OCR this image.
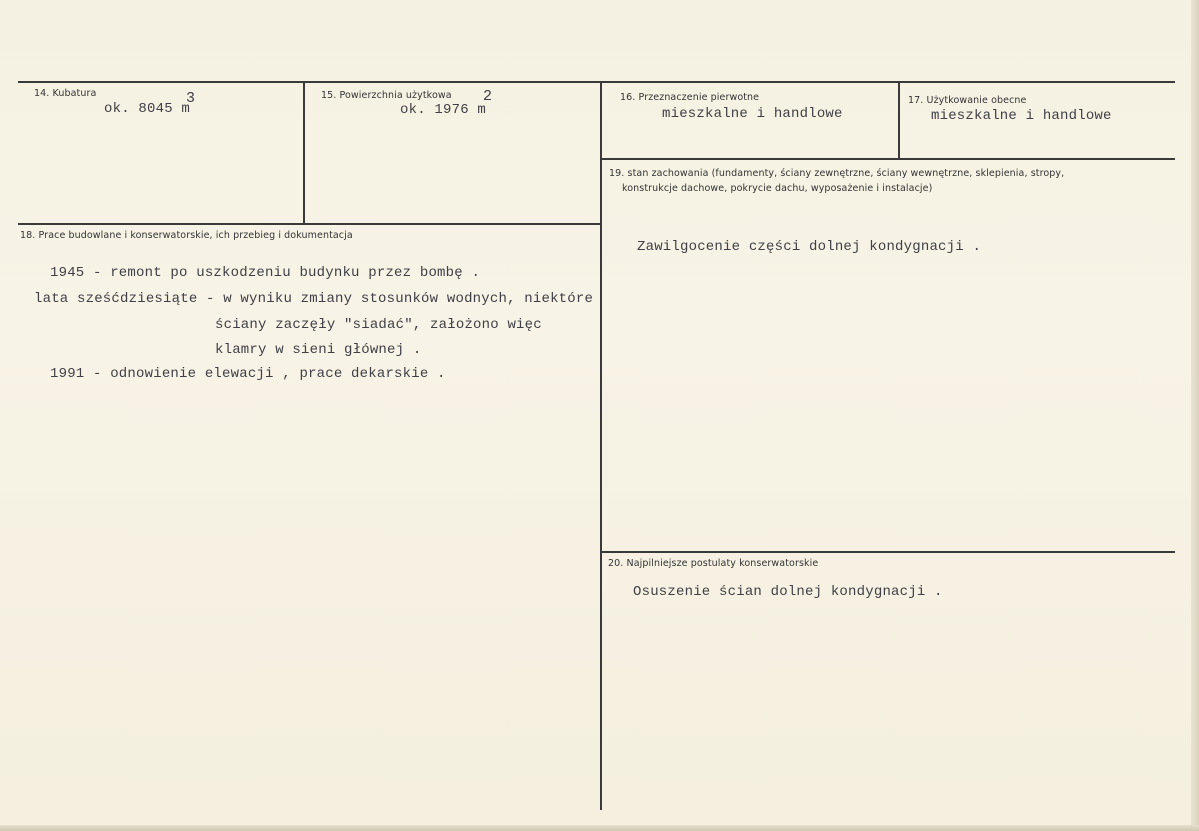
14. Kubatura
ok. 8045 m
3	15. Powierzchnia użytkowa
ok. 1976 m
2	16. Przeznaczenie pierwotne
mieszkalne i handlowe
17. Użytkowanie obecne
mieszkalne i handlowe
19. stan zachowania (fundamenty, ściany zewnętrzne, ściany wewnętrzne, sklepienia, stropy,
konstrukcje dachowe, pokrycie dachu, wyposażenie i instalacje)
Zawilgocenie części dolnej kondygnacji .
18. Prace budowlane i konserwatorskie, ich przebieg i dokumentacja
1945 - remont po uszkodzeniu budynku przez bombę .
lata sześćdziesiąte - w wyniku zmiany stosunków wodnych, niektóre
ściany zaczęły "siadać", założono więc
klamry w sieni głównej .
1991 - odnowienie elewacji , prace dekarskie .
20. Najpilniejsze postulaty konserwatorskie
Osuszenie ścian dolnej kondygnacji .
